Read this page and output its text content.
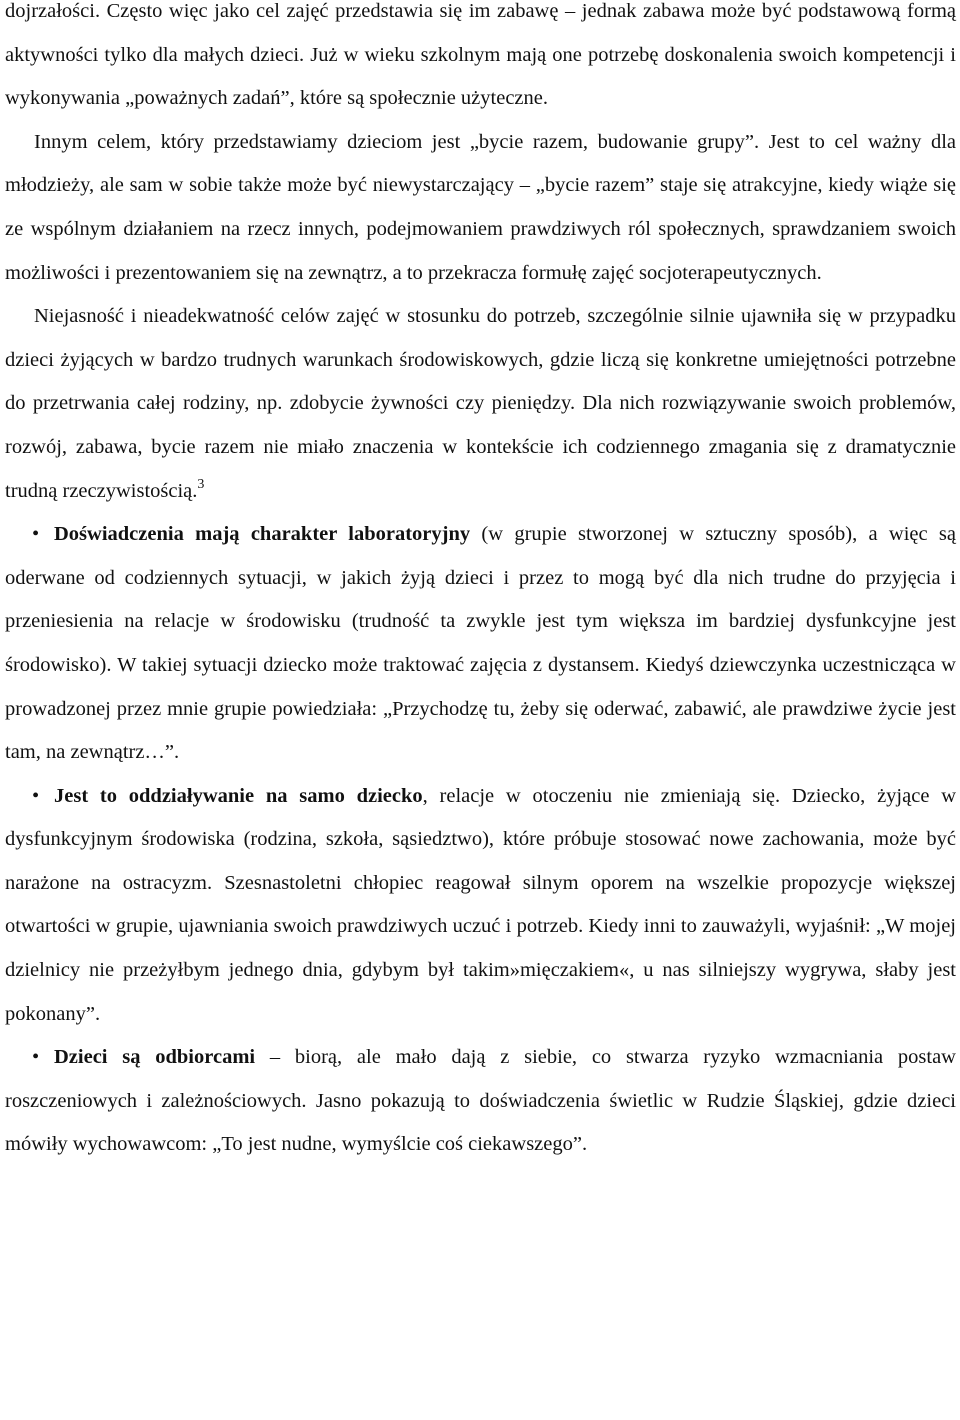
dojrzałości. Często więc jako cel zajęć przedstawia się im zabawę – jednak zabawa może być podstawową formą aktywności tylko dla małych dzieci. Już w wieku szkolnym mają one potrzebę doskonalenia swoich kompetencji i wykonywania „poważnych zadań”, które są społecznie użyteczne.

Innym celem, który przedstawiamy dzieciom jest „bycie razem, budowanie grupy”. Jest to cel ważny dla młodzieży, ale sam w sobie także może być niewystarczający – „bycie razem” staje się atrakcyjne, kiedy wiąże się ze wspólnym działaniem na rzecz innych, podejmowaniem prawdziwych ról społecznych, sprawdzaniem swoich możliwości i prezentowaniem się na zewnątrz, a to przekracza formułę zajęć socjoterapeutycznych.

Niejasność i nieadekwatność celów zajęć w stosunku do potrzeb, szczególnie silnie ujawniła się w przypadku dzieci żyjących w bardzo trudnych warunkach środowiskowych, gdzie liczą się konkretne umiejętności potrzebne do przetrwania całej rodziny, np. zdobycie żywności czy pieniędzy. Dla nich rozwiązywanie swoich problemów, rozwój, zabawa, bycie razem nie miało znaczenia w kontekście ich codziennego zmagania się z dramatycznie trudną rzeczywistością.$^3$

• Doświadczenia mają charakter laboratoryjny (w grupie stworzonej w sztuczny sposób), a więc są oderwane od codziennych sytuacji, w jakich żyją dzieci i przez to mogą być dla nich trudne do przyjęcia i przeniesienia na relacje w środowisku (trudność ta zwykle jest tym większa im bardziej dysfunkcyjne jest środowisko). W takiej sytuacji dziecko może traktować zajęcia z dystansem. Kiedyś dziewczynka uczestnicząca w prowadzonej przez mnie grupie powiedziała: „Przychodzę tu, żeby się oderwać, zabawić, ale prawdziwe życie jest tam, na zewnątrz…”.

• Jest to oddziaływanie na samo dziecko, relacje w otoczeniu nie zmieniają się. Dziecko, żyjące w dysfunkcyjnym środowiska (rodzina, szkoła, sąsiedztwo), które próbuje stosować nowe zachowania, może być narażone na ostracyzm. Szesnastoletni chłopiec reagował silnym oporem na wszelkie propozycje większej otwartości w grupie, ujawniania swoich prawdziwych uczuć i potrzeb. Kiedy inni to zauważyli, wyjaśnił: „W mojej dzielnicy nie przeżyłbym jednego dnia, gdybym był takim»mięczakiem«, u nas silniejszy wygrywa, słaby jest pokonany”.

• Dzieci są odbiorcami – biorą, ale mało dają z siebie, co stwarza ryzyko wzmacniania postaw roszczeniowych i zależnościowych. Jasno pokazują to doświadczenia świetlic w Rudzie Śląskiej, gdzie dzieci mówiły wychowawcom: „To jest nudne, wymyślcie coś ciekawszego”.
